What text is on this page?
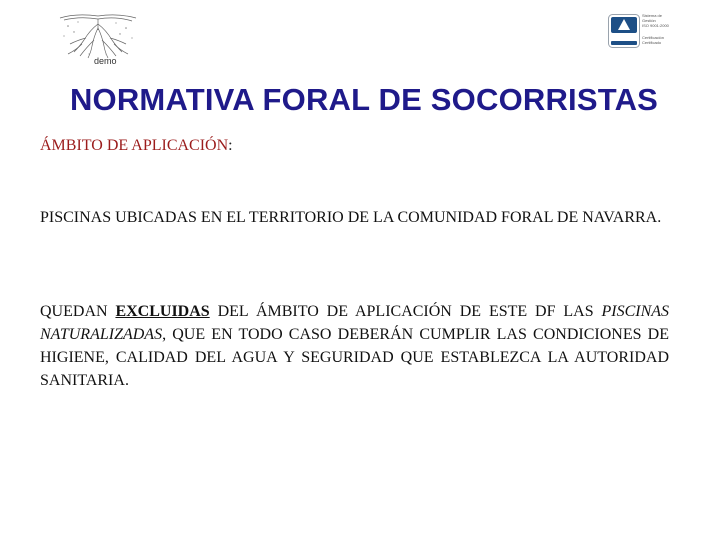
demo
Sistema de
Gestión
ISO 9001:2000
Certificación
Certificado
NORMATIVA FORAL DE SOCORRISTAS

ÁMBITO DE APLICACIÓN:

PISCINAS UBICADAS EN EL TERRITORIO DE LA COMUNIDAD FORAL DE NAVARRA.

QUEDAN EXCLUIDAS DEL ÁMBITO DE APLICACIÓN DE ESTE DF LAS PISCINAS NATURALIZADAS, QUE EN TODO CASO DEBERÁN CUMPLIR LAS CONDICIONES DE HIGIENE, CALIDAD DEL AGUA Y SEGURIDAD QUE ESTABLEZCA LA AUTORIDAD SANITARIA.
